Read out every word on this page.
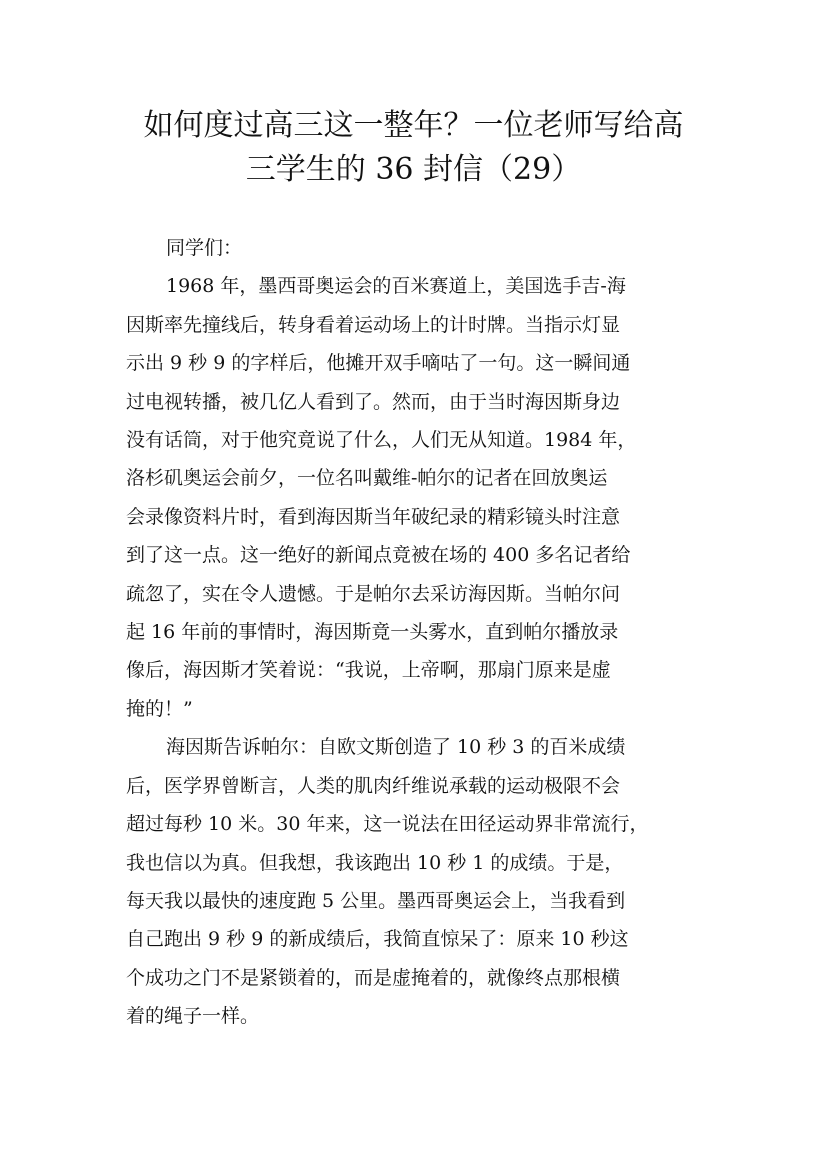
如何度过高三这一整年？一位老师写给高
三学生的 36 封信（29）
同学们：
1968 年，墨西哥奥运会的百米赛道上，美国选手吉-海
因斯率先撞线后，转身看着运动场上的计时牌。当指示灯显
示出 9 秒 9 的字样后，他摊开双手嘀咕了一句。这一瞬间通
过电视转播，被几亿人看到了。然而，由于当时海因斯身边
没有话筒，对于他究竟说了什么，人们无从知道。1984 年，
洛杉矶奥运会前夕，一位名叫戴维-帕尔的记者在回放奥运
会录像资料片时，看到海因斯当年破纪录的精彩镜头时注意
到了这一点。这一绝好的新闻点竟被在场的 400 多名记者给
疏忽了，实在令人遗憾。于是帕尔去采访海因斯。当帕尔问
起 16 年前的事情时，海因斯竟一头雾水，直到帕尔播放录
像后，海因斯才笑着说：“我说，上帝啊，那扇门原来是虚
掩的！”
海因斯告诉帕尔：自欧文斯创造了 10 秒 3 的百米成绩
后，医学界曾断言，人类的肌肉纤维说承载的运动极限不会
超过每秒 10 米。30 年来，这一说法在田径运动界非常流行，
我也信以为真。但我想，我该跑出 10 秒 1 的成绩。于是，
每天我以最快的速度跑 5 公里。墨西哥奥运会上，当我看到
自己跑出 9 秒 9 的新成绩后，我简直惊呆了：原来 10 秒这
个成功之门不是紧锁着的，而是虚掩着的，就像终点那根横
着的绳子一样。
